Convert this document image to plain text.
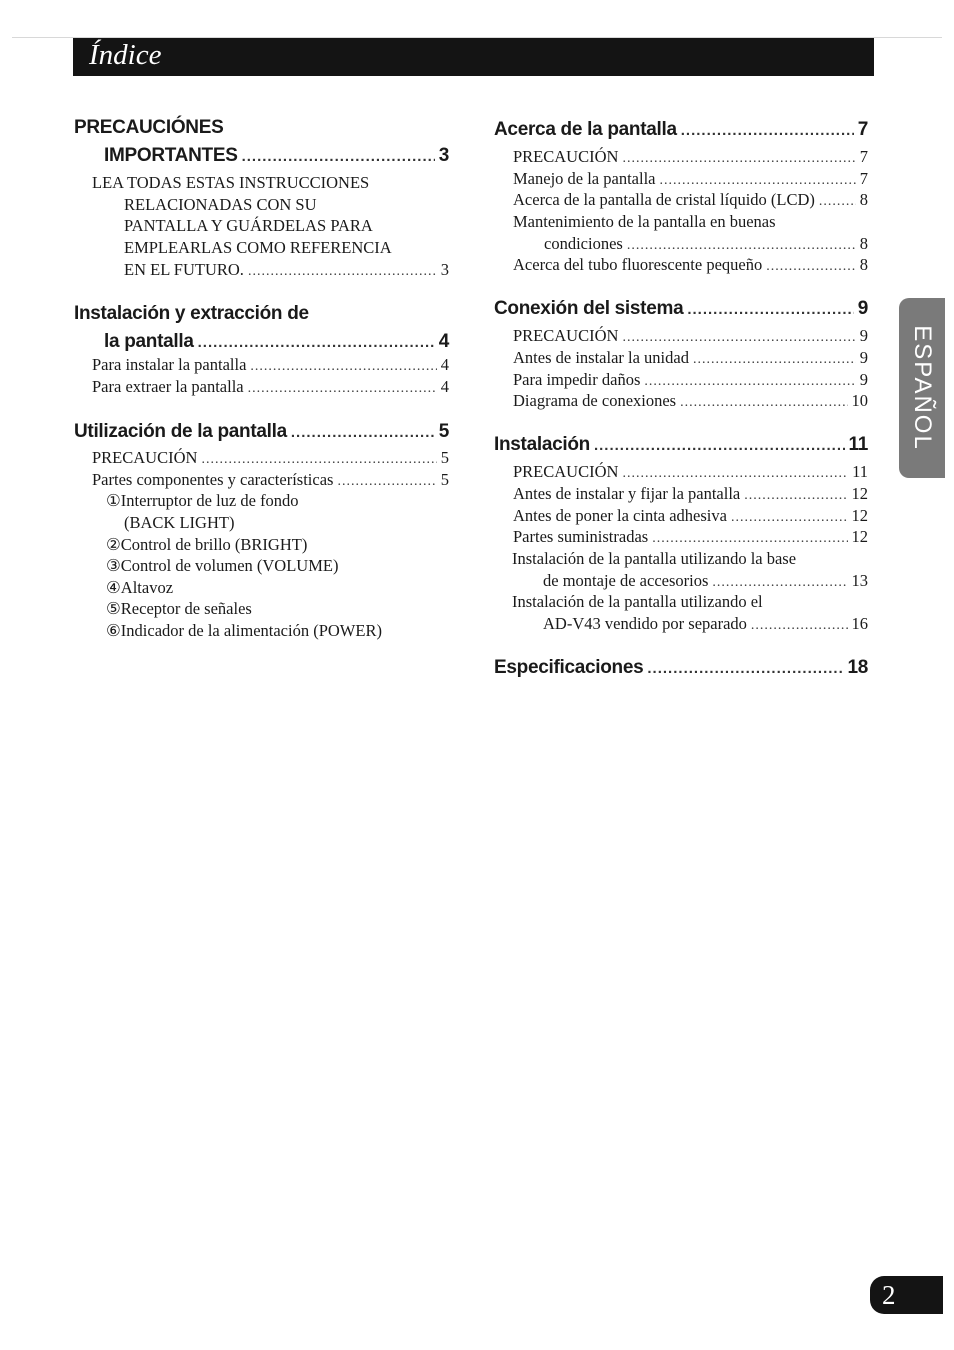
Índice
PRECAUCIÓNES
IMPORTANTES .....	3
LEA TODAS ESTAS INSTRUCCIONES
RELACIONADAS CON SU
PANTALLA Y GUÁRDELAS PARA
EMPLEARLAS COMO REFERENCIA
EN EL FUTURO. .....	3
Instalación y extracción de
la pantalla .....	4
Para instalar la pantalla .....	4
Para extraer la pantalla .....	4
Utilización de la pantalla .....	5
PRECAUCIÓN .....	5
Partes componentes y características .....	5
①Interruptor de luz de fondo
(BACK LIGHT)
②Control de brillo (BRIGHT)
③Control de volumen (VOLUME)
④Altavoz
⑤Receptor de señales
⑥Indicador de la alimentación (POWER)
Acerca de la pantalla .....	7
PRECAUCIÓN .....	7
Manejo de la pantalla .....	7
Acerca de la pantalla de cristal líquido (LCD) .....	8
Mantenimiento de la pantalla en buenas
condiciones .....	8
Acerca del tubo fluorescente pequeño .....	8
Conexión del sistema .....	9
PRECAUCIÓN .....	9
Antes de instalar la unidad .....	9
Para impedir daños .....	9
Diagrama de conexiones .....	10
Instalación .....	11
PRECAUCIÓN .....	11
Antes de instalar y fijar la pantalla .....	12
Antes de poner la cinta adhesiva .....	12
Partes suministradas .....	12
Instalación de la pantalla utilizando la base
de montaje de accesorios .....	13
Instalación de la pantalla utilizando el
AD-V43 vendido por separado .....	16
Especificaciones .....	18
ESPAÑOL
2
